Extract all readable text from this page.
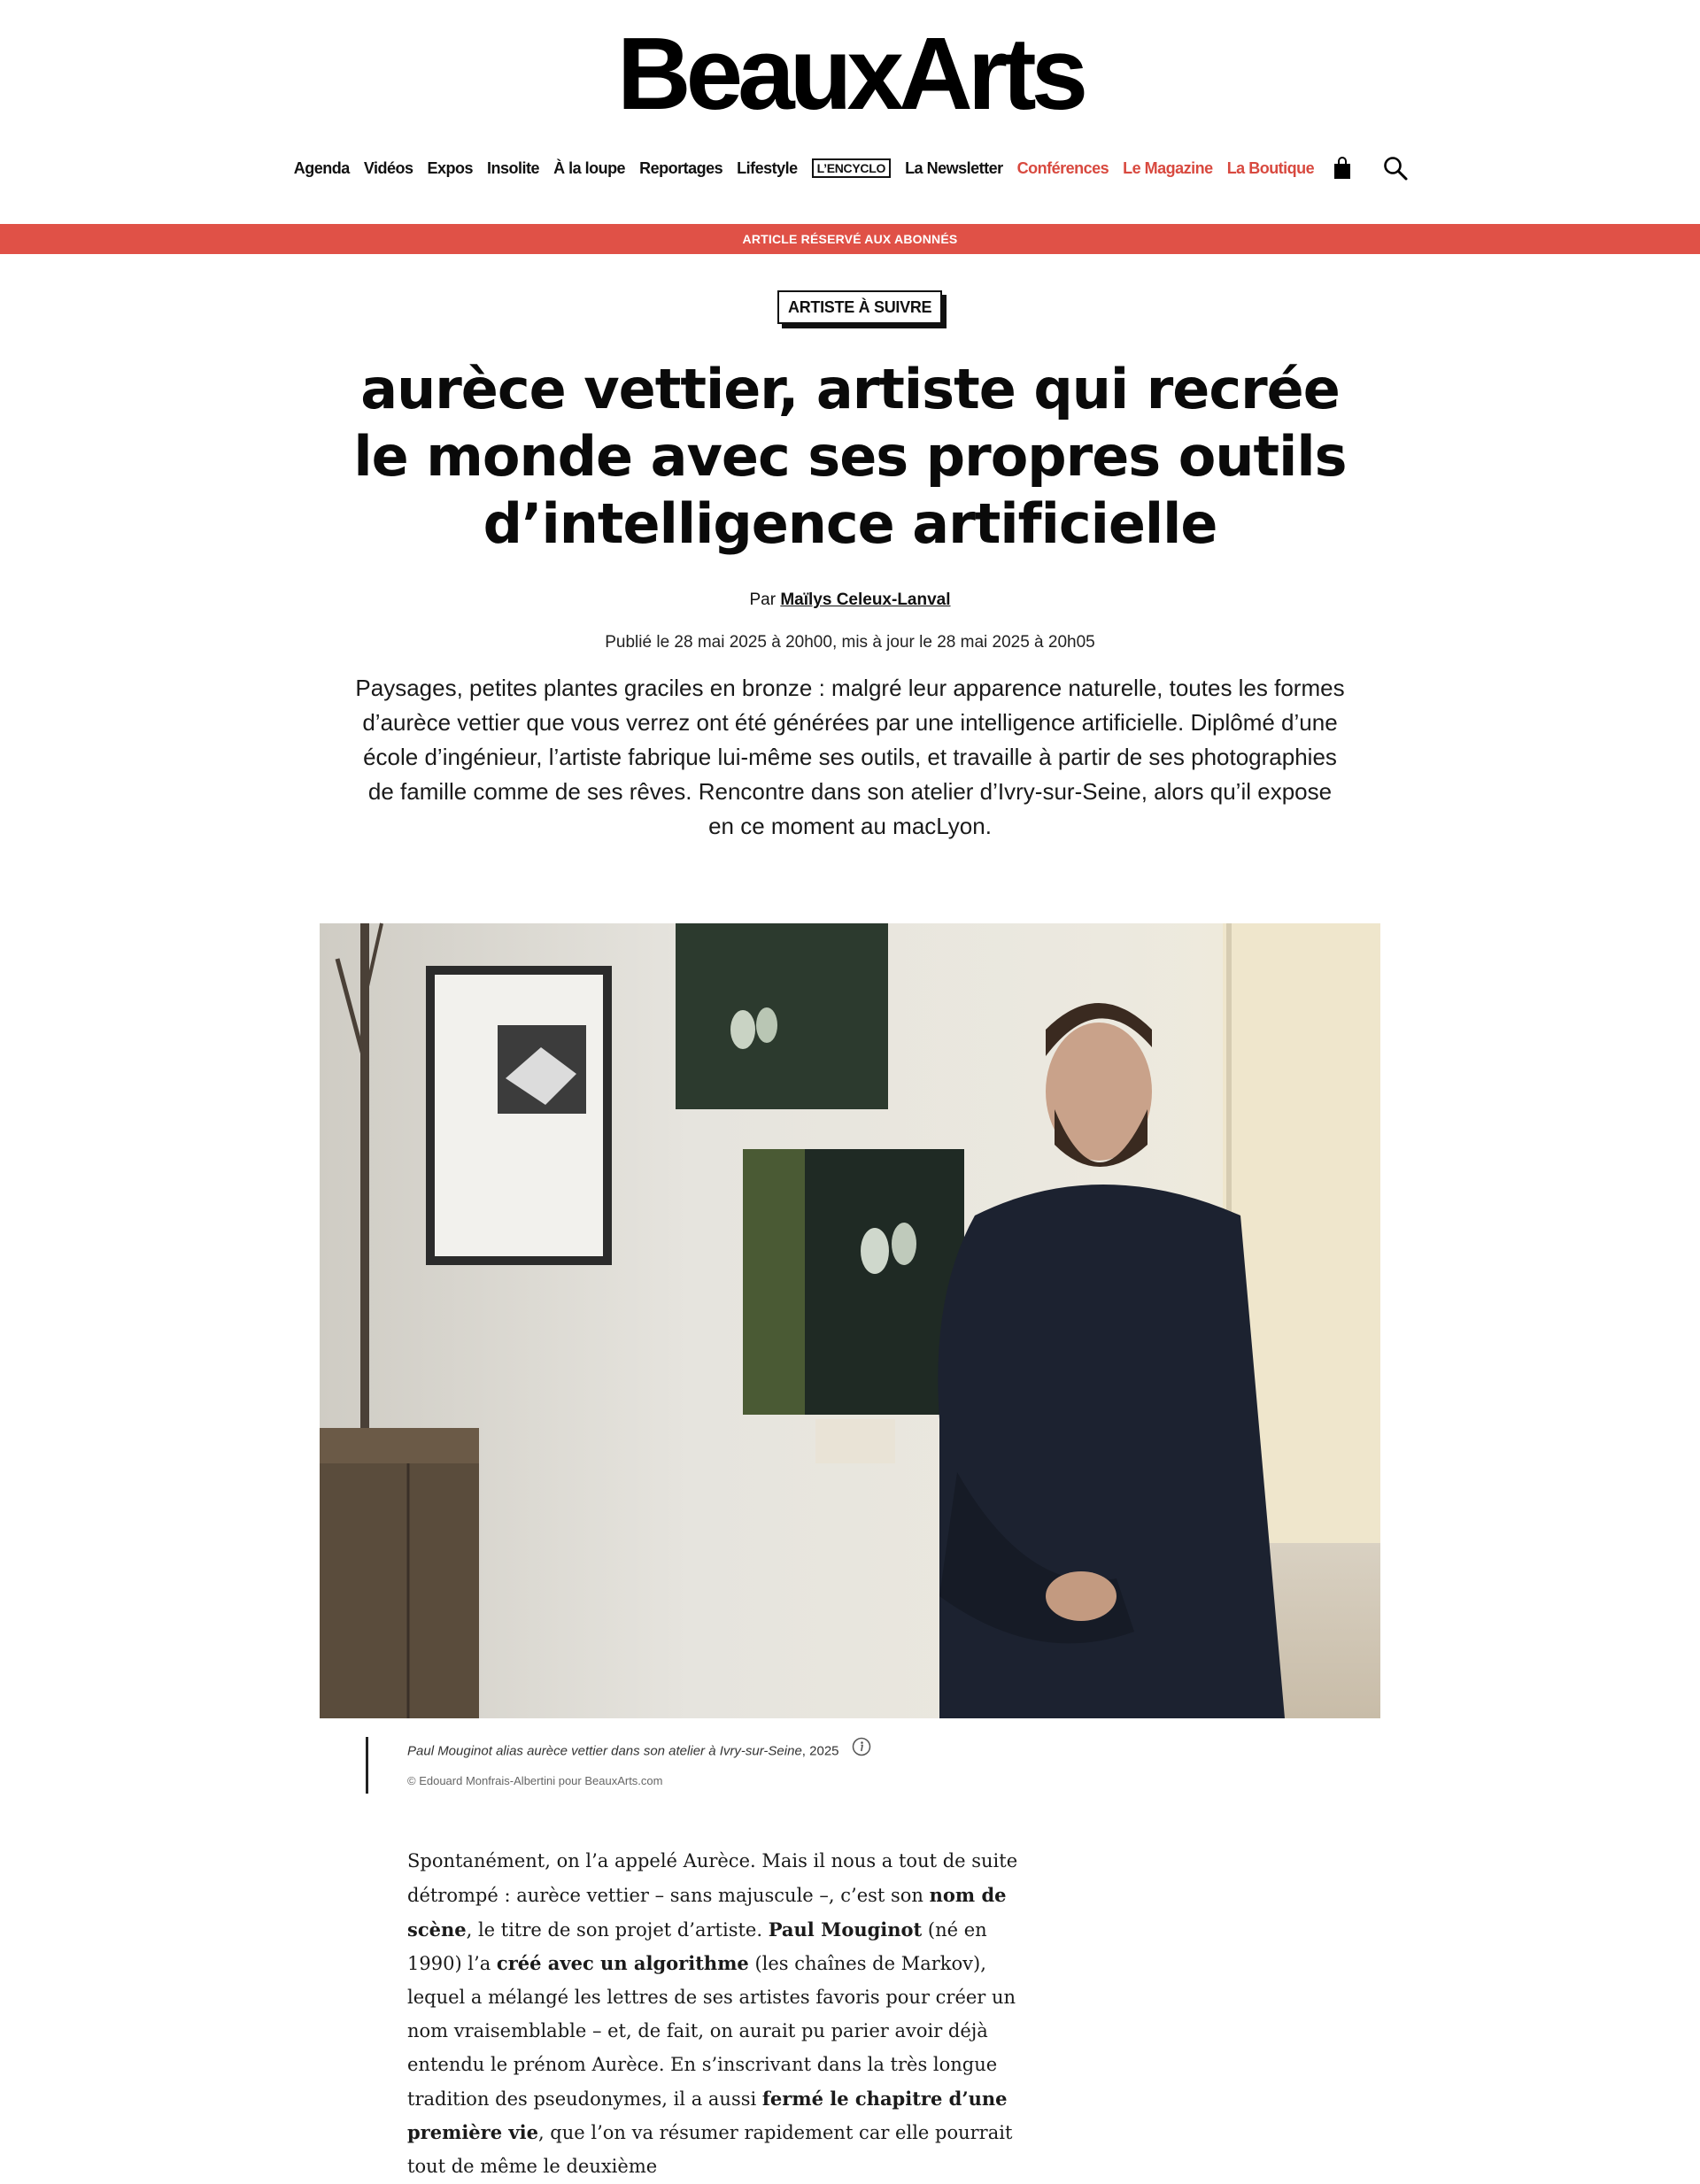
BeauxArts
Agenda Vidéos Expos Insolite À la loupe Reportages Lifestyle	L’ENCYCLO	La Newsletter Conférences Le Magazine La Boutique
ARTICLE RÉSERVÉ AUX ABONNÉS
ARTISTE À SUIVRE
aurèce vettier, artiste qui recrée le monde avec ses propres outils d’intelligence artificielle
Par Maïlys Celeux-Lanval
Publié le 28 mai 2025 à 20h00, mis à jour le 28 mai 2025 à 20h05

Paysages, petites plantes graciles en bronze : malgré leur apparence naturelle, toutes les formes d’aurèce vettier que vous verrez ont été générées par une intelligence artificielle. Diplômé d’une école d’ingénieur, l’artiste fabrique lui-même ses outils, et travaille à partir de ses photographies de famille comme de ses rêves. Rencontre dans son atelier d’Ivry-sur-Seine, alors qu’il expose en ce moment au macLyon.

Paul Mouginot alias aurèce vettier dans son atelier à Ivry-sur-Seine, 2025
© Edouard Monfrais-Albertini pour BeauxArts.com
Spontanément, on l’a appelé Aurèce. Mais il nous a tout de suite détrompé : aurèce vettier – sans majuscule –, c’est son nom de scène, le titre de son projet d’artiste. Paul Mouginot (né en 1990) l’a créé avec un algorithme (les chaînes de Markov), lequel a mélangé les lettres de ses artistes favoris pour créer un nom vraisemblable – et, de fait, on aurait pu parier avoir déjà entendu le prénom Aurèce. En s’inscrivant dans la très longue tradition des pseudonymes, il a aussi fermé le chapitre d’une première vie, que l’on va résumer rapidement car elle pourrait tout de même le deuxième
